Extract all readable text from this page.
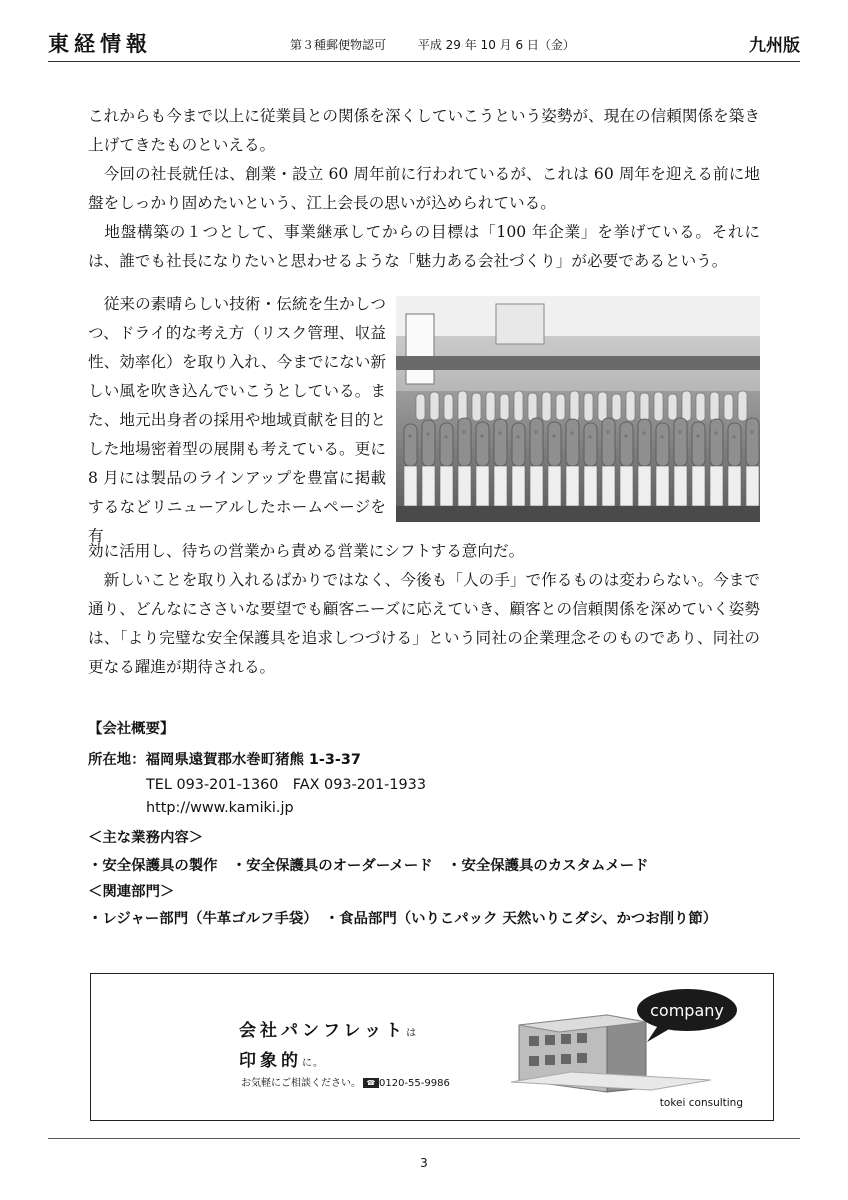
東経情報	第３種郵便物認可	平成 29 年 10 月 6 日（金）	九州版

これからも今まで以上に従業員との関係を深くしていこうという姿勢が、現在の信頼関係を築き上げてきたものといえる。

　今回の社長就任は、創業・設立 60 周年前に行われているが、これは 60 周年を迎える前に地盤をしっかり固めたいという、江上会長の思いが込められている。

　地盤構築の１つとして、事業継承してからの目標は「100 年企業」を挙げている。それには、誰でも社長になりたいと思わせるような「魅力ある会社づくり」が必要であるという。

　従来の素晴らしい技術・伝統を生かしつつ、ドライ的な考え方（リスク管理、収益性、効率化）を取り入れ、今までにない新しい風を吹き込んでいこうとしている。また、地元出身者の採用や地域貢献を目的とした地場密着型の展開も考えている。更に 8 月には製品のラインアップを豊富に掲載するなどリニューアルしたホームページを有

効に活用し、待ちの営業から責める営業にシフトする意向だ。

　新しいことを取り入れるばかりではなく、今後も「人の手」で作るものは変わらない。今まで通り、どんなにささいな要望でも顧客ニーズに応えていき、顧客との信頼関係を深めていく姿勢は、「より完璧な安全保護具を追求しつづける」という同社の企業理念そのものであり、同社の更なる躍進が期待される。

【会社概要】
所在地：福岡県遠賀郡水巻町猪熊 1-3-37
TEL 093-201-1360　FAX 093-201-1933
http://www.kamiki.jp
＜主な業務内容＞
・安全保護具の製作　・安全保護具のオーダーメード　・安全保護具のカスタムメード
＜関連部門＞
・レジャー部門（牛革ゴルフ手袋）　・食品部門（いりこパック 天然いりこダシ、かつお削り節）
会社パンフレットは
印象的に。
お気軽にご相談ください。 ☎ 0120-55-9986
company
tokei consulting
3
